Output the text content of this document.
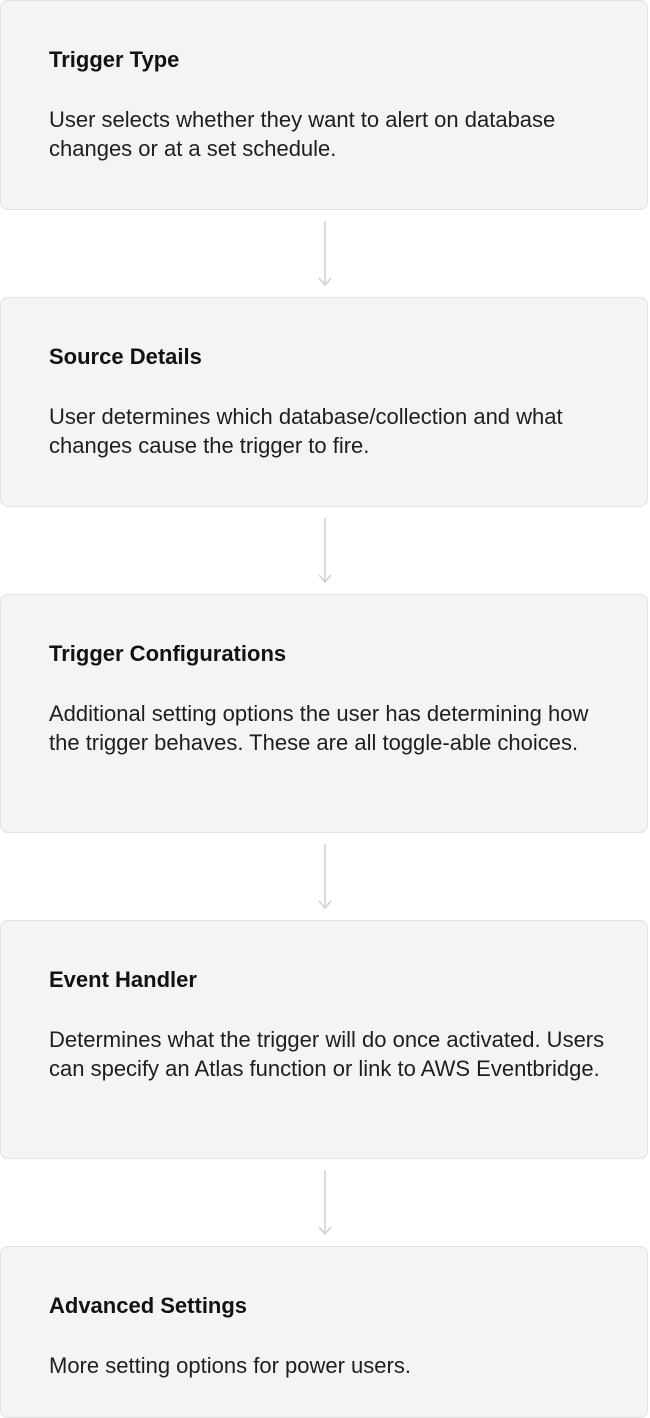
Trigger Type

User selects whether they want to alert on database changes or at a set schedule.

Source Details

User determines which database/collection and what changes cause the trigger to fire.

Trigger Configurations

Additional setting options the user has determining how the trigger behaves. These are all toggle-able choices.

Event Handler

Determines what the trigger will do once activated. Users can specify an Atlas function or link to AWS Eventbridge.

Advanced Settings

More setting options for power users.
